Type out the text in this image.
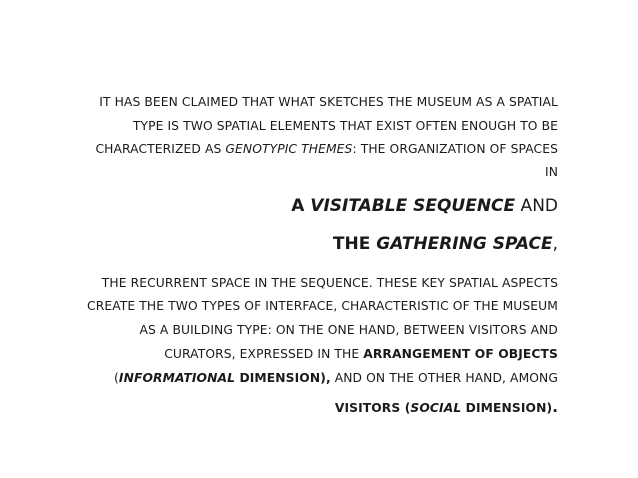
IT HAS BEEN CLAIMED THAT WHAT SKETCHES THE MUSEUM AS A SPATIAL
TYPE IS TWO SPATIAL ELEMENTS THAT EXIST OFTEN ENOUGH TO BE
CHARACTERIZED AS GENOTYPIC THEMES: THE ORGANIZATION OF SPACES
IN
A VISITABLE SEQUENCE AND
THE GATHERING SPACE,
THE RECURRENT SPACE IN THE SEQUENCE. THESE KEY SPATIAL ASPECTS
CREATE THE TWO TYPES OF INTERFACE, CHARACTERISTIC OF THE MUSEUM
AS A BUILDING TYPE: ON THE ONE HAND, BETWEEN VISITORS AND
CURATORS, EXPRESSED IN THE ARRANGEMENT OF OBJECTS
(INFORMATIONAL DIMENSION), AND ON THE OTHER HAND, AMONG
VISITORS (SOCIAL DIMENSION).
